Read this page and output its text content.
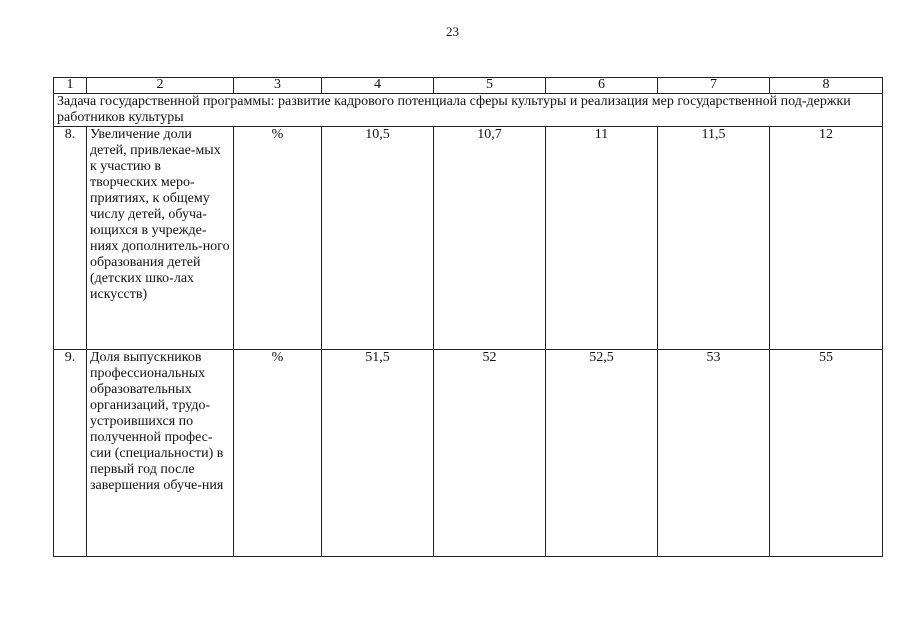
23
1	2	3	4	5	6	7	8
Задача государственной программы: развитие кадрового потенциала сферы культуры и реализация мер государственной под-держки работников культуры							
8.	Увеличение доли детей, привлекае-мых к участию в творческих меро-приятиях, к общему числу детей, обуча-ющихся в учрежде-ниях дополнитель-ного образования детей (детских шко-лах искусств)	%	10,5	10,7	11	11,5	12
9.	Доля выпускников профессиональных образовательных организаций, трудо-устроившихся по полученной профес-сии (специальности) в первый год после завершения обуче-ния	%	51,5	52	52,5	53	55
